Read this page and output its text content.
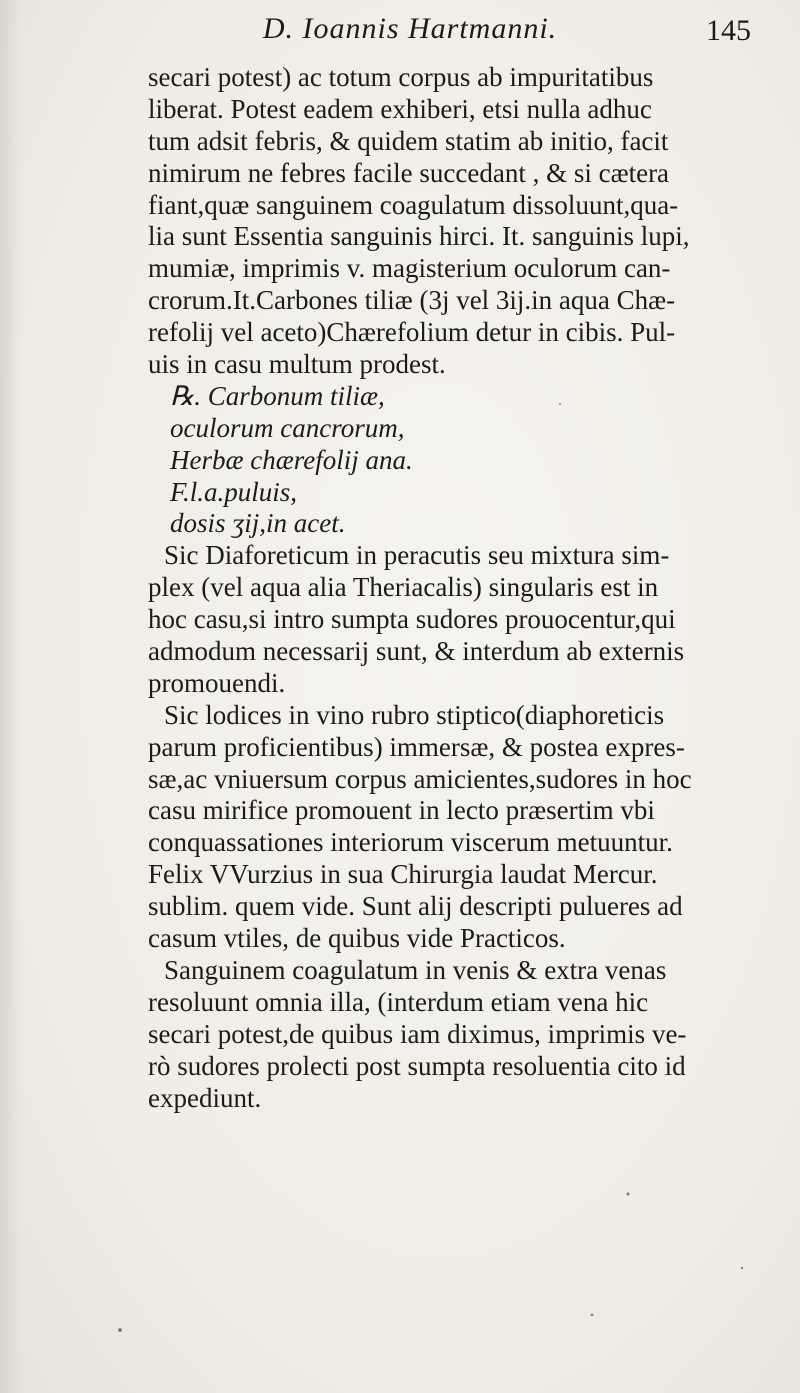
D. Ioannis Hartmanni.	145
secari potest) ac totum corpus ab impuritatibus
liberat. Potest eadem exhiberi, etsi nulla adhuc
tum adsit febris, & quidem statim ab initio, facit
nimirum ne febres facile succedant , & si cætera
fiant,quæ sanguinem coagulatum dissoluunt,qua-
lia sunt Essentia sanguinis hirci. It. sanguinis lupi,
mumiæ, imprimis v. magisterium oculorum can-
crorum.It.Carbones tiliæ (3j vel 3ij.in aqua Chæ-
refolij vel aceto)Chærefolium detur in cibis. Pul-
uis in casu multum prodest.
℞. Carbonum tiliæ,
oculorum cancrorum,
Herbæ chærefolij ana.
F.l.a.puluis,
dosis ʒij,in acet.
Sic Diaforeticum in peracutis seu mixtura sim-
plex (vel aqua alia Theriacalis) singularis est in
hoc casu,si intro sumpta sudores prouocentur,qui
admodum necessarij sunt, & interdum ab externis
promouendi.
Sic lodices in vino rubro stiptico(diaphoreticis
parum proficientibus) immersæ, & postea expres-
sæ,ac vniuersum corpus amicientes,sudores in hoc
casu mirifice promouent in lecto præsertim vbi
conquassationes interiorum viscerum metuuntur.
Felix VVurzius in sua Chirurgia laudat Mercur.
sublim. quem vide. Sunt alij descripti pulueres ad
casum vtiles, de quibus vide Practicos.
Sanguinem coagulatum in venis & extra venas
resoluunt omnia illa, (interdum etiam vena hic
secari potest,de quibus iam diximus, imprimis ve-
rò sudores prolecti post sumpta resoluentia cito id
expediunt.
